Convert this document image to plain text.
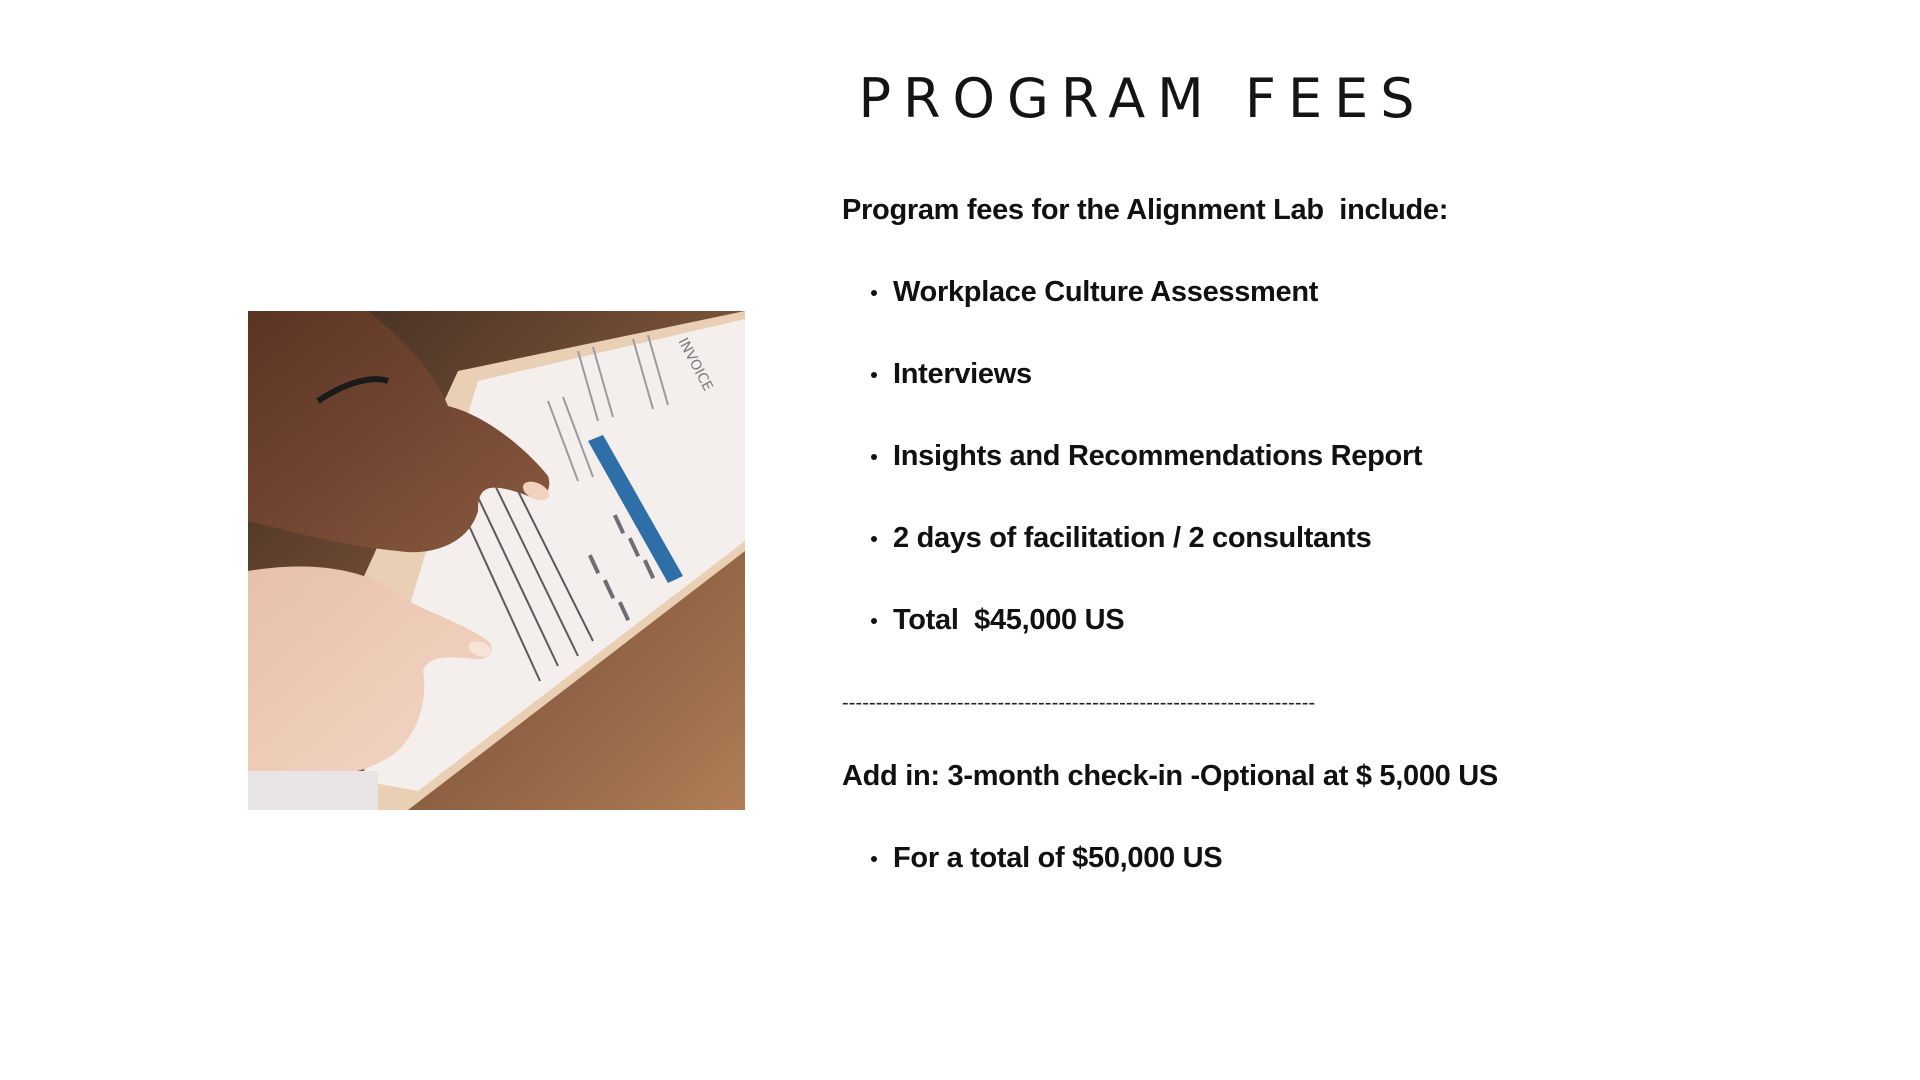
PROGRAM FEES
INVOICE

Program fees for the Alignment Lab  include:

Workplace Culture Assessment
Interviews
Insights and Recommendations Report
2 days of facilitation / 2 consultants
Total  $45,000 US
----------------------------------------------------------------------

Add in: 3-month check-in -Optional at $ 5,000 US

For a total of $50,000 US
